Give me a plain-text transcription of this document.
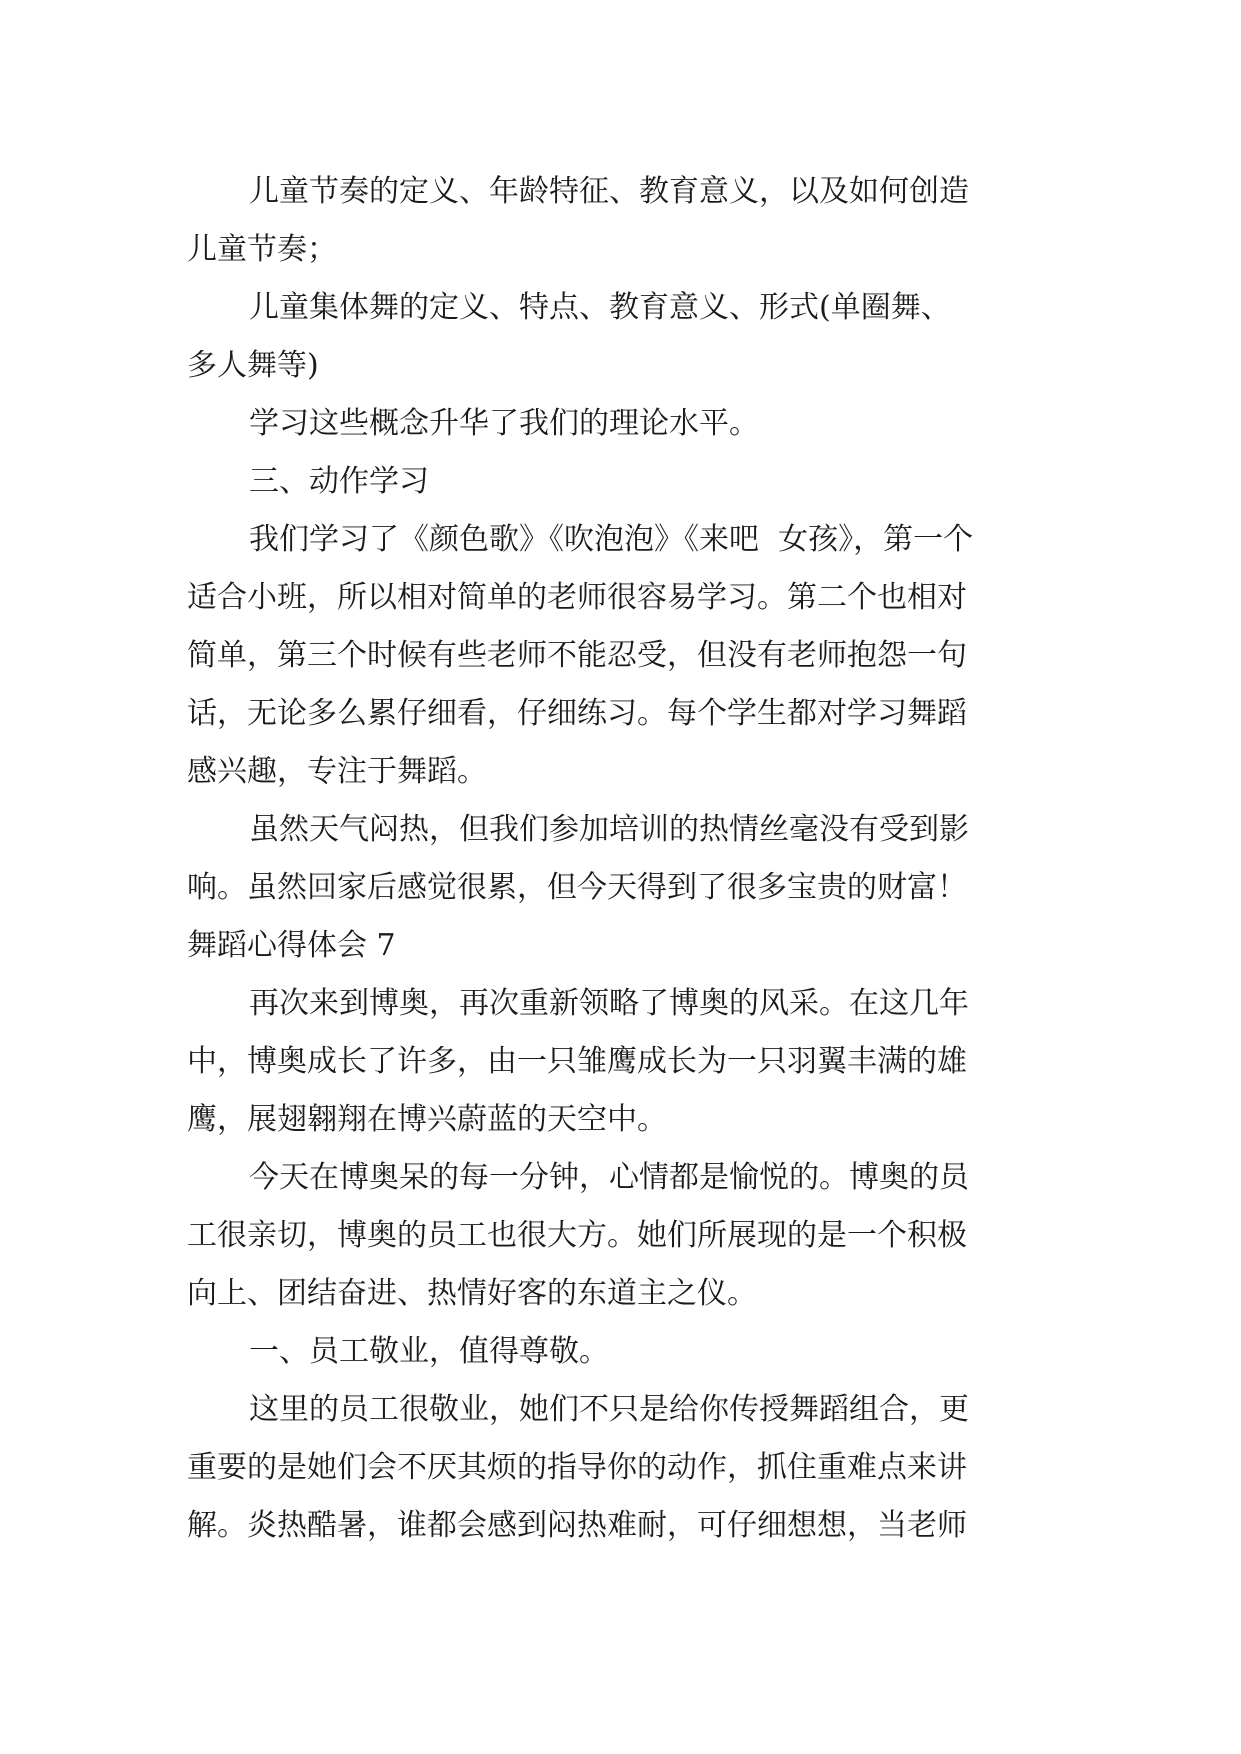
儿童节奏的定义、年龄特征、教育意义，以及如何创造
儿童节奏；
儿童集体舞的定义、特点、教育意义、形式(单圈舞、
多人舞等)
学习这些概念升华了我们的理论水平。
三、动作学习
我们学习了《颜色歌》《吹泡泡》《来吧  女孩》，第一个
适合小班，所以相对简单的老师很容易学习。第二个也相对
简单，第三个时候有些老师不能忍受，但没有老师抱怨一句
话，无论多么累仔细看，仔细练习。每个学生都对学习舞蹈
感兴趣，专注于舞蹈。
虽然天气闷热，但我们参加培训的热情丝毫没有受到影
响。虽然回家后感觉很累，但今天得到了很多宝贵的财富！
舞蹈心得体会 7
再次来到博奥，再次重新领略了博奥的风采。在这几年
中，博奥成长了许多，由一只雏鹰成长为一只羽翼丰满的雄
鹰，展翅翱翔在博兴蔚蓝的天空中。
今天在博奥呆的每一分钟，心情都是愉悦的。博奥的员
工很亲切，博奥的员工也很大方。她们所展现的是一个积极
向上、团结奋进、热情好客的东道主之仪。
一、员工敬业，值得尊敬。
这里的员工很敬业，她们不只是给你传授舞蹈组合，更
重要的是她们会不厌其烦的指导你的动作，抓住重难点来讲
解。炎热酷暑，谁都会感到闷热难耐，可仔细想想，当老师
